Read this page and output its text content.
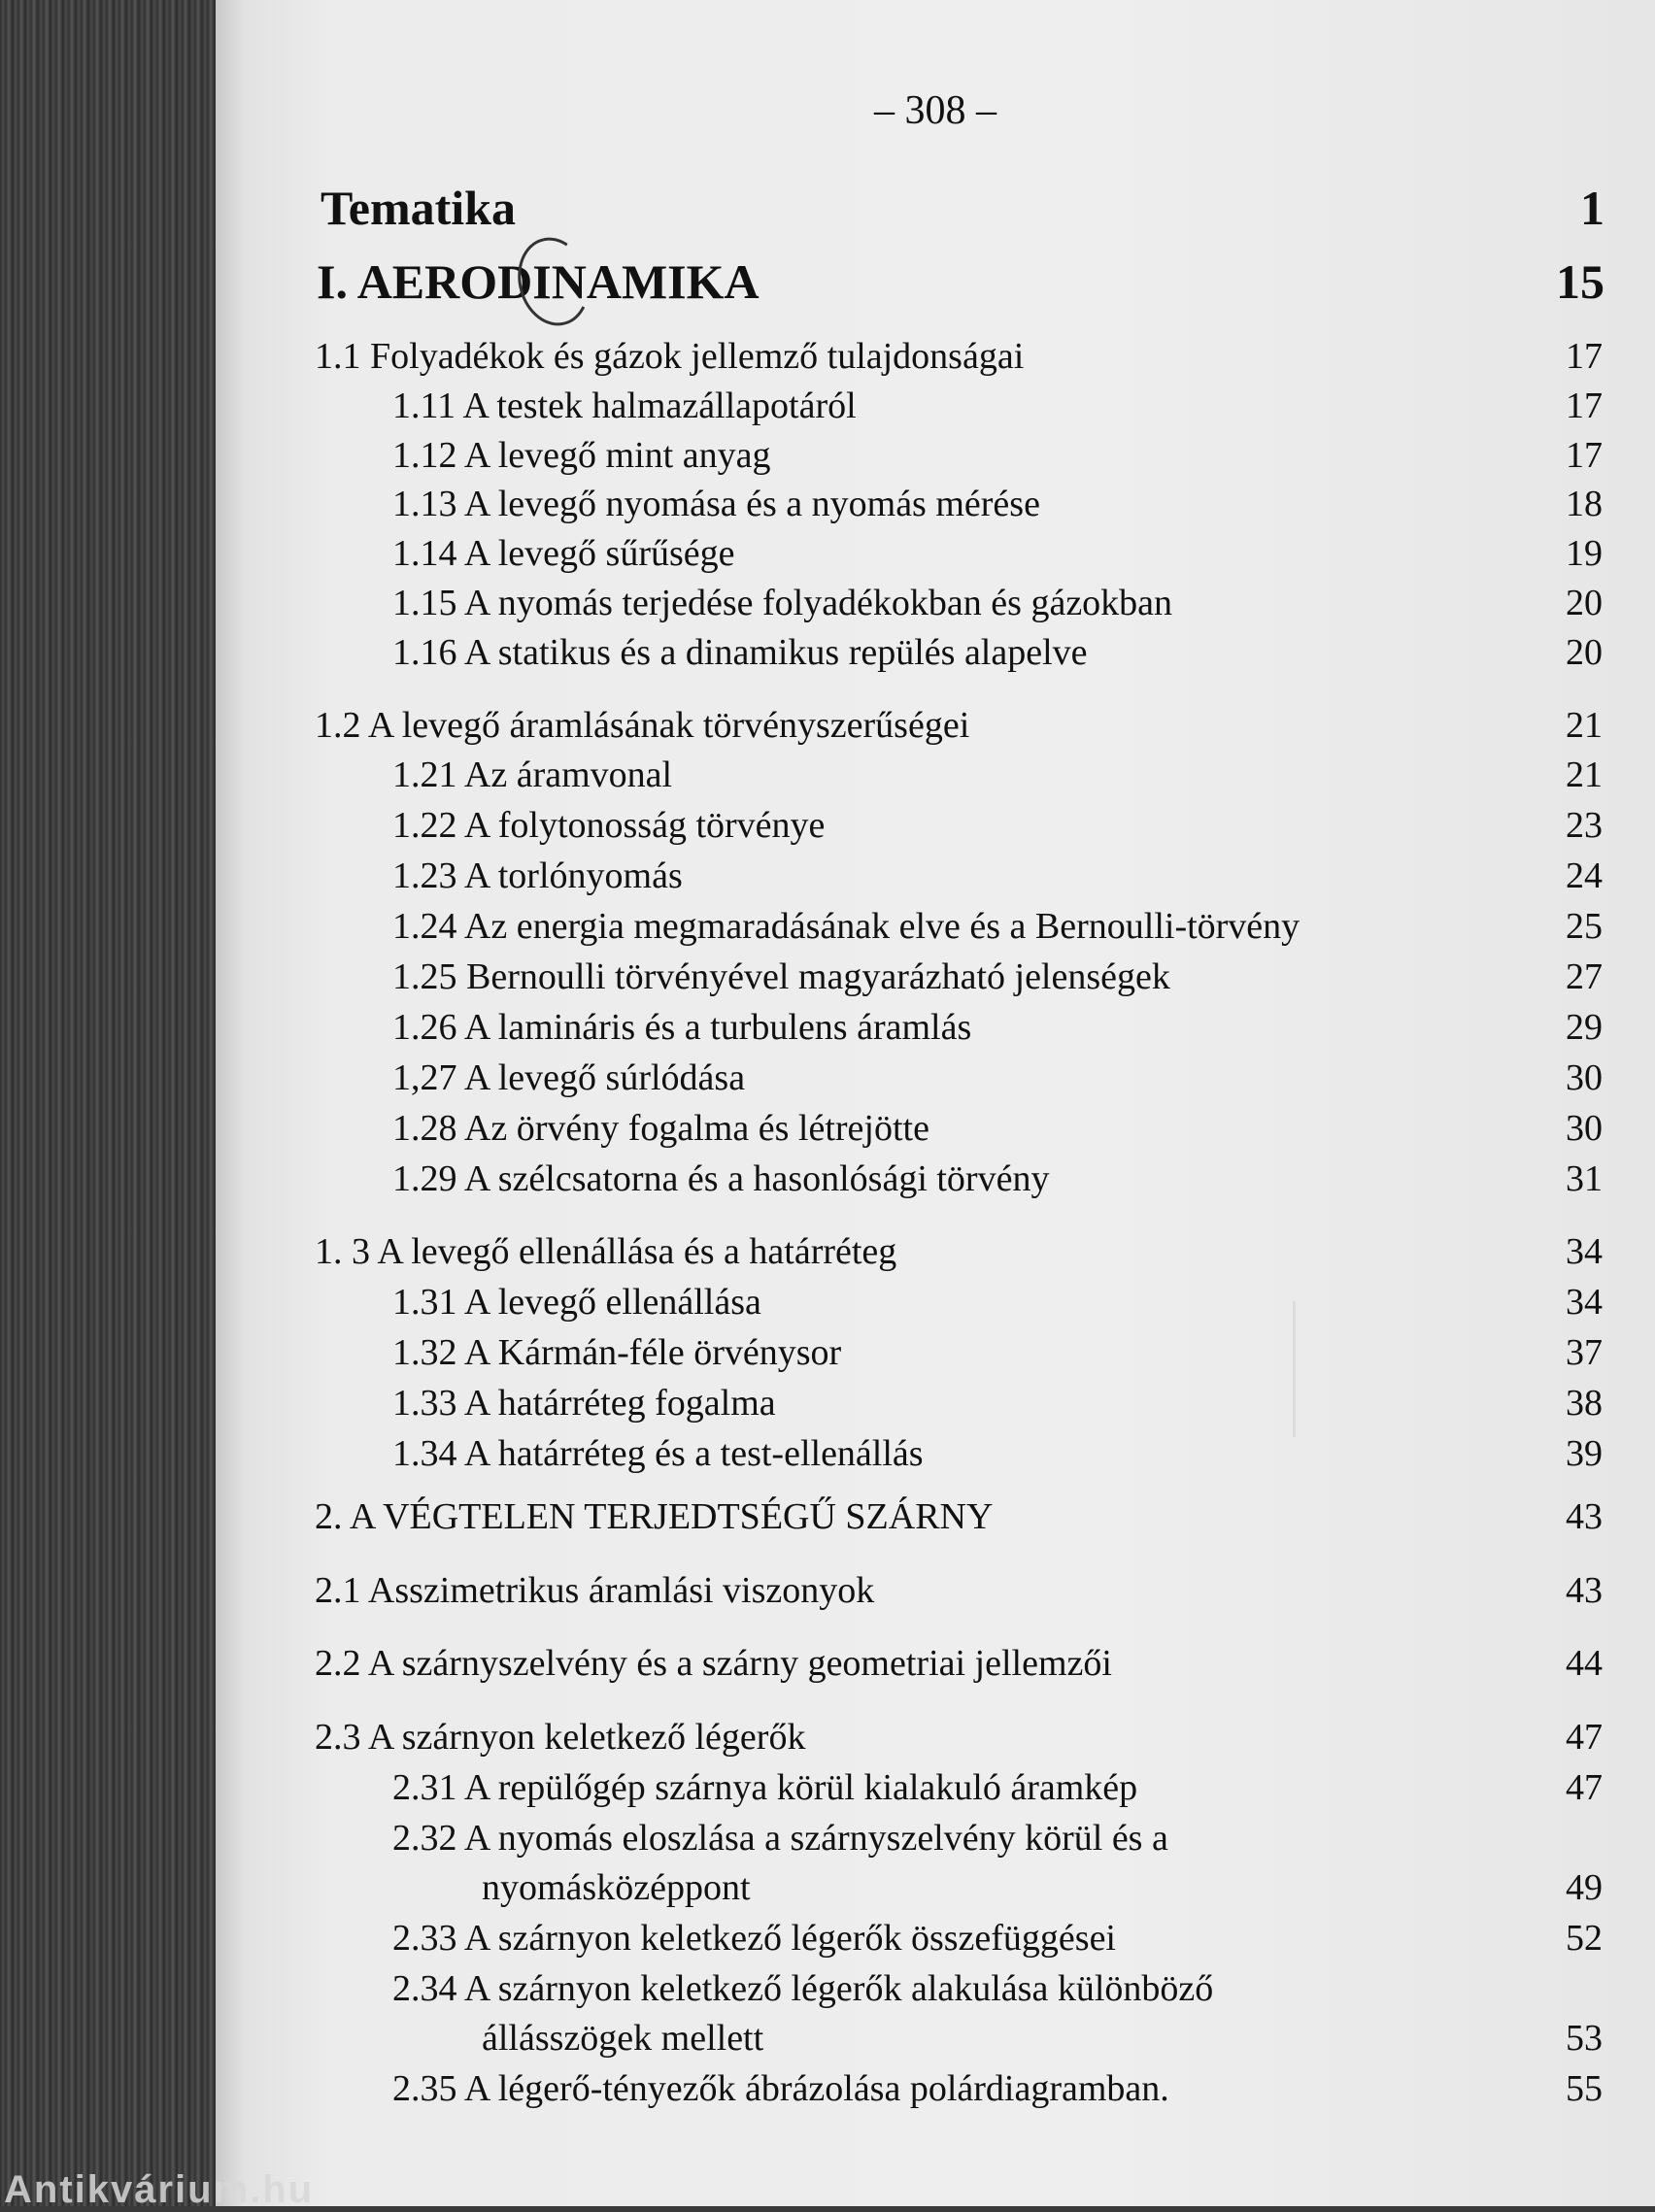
– 308 –
Tematika	1
I. AERODINAMIKA	15
1.1 Folyadékok és gázok jellemző tulajdonságai	17
1.11 A testek halmazállapotáról	17
1.12 A levegő mint anyag	17
1.13 A levegő nyomása és a nyomás mérése	18
1.14 A levegő sűrűsége	19
1.15 A nyomás terjedése folyadékokban és gázokban	20
1.16 A statikus és a dinamikus repülés alapelve	20
1.2 A levegő áramlásának törvényszerűségei	21
1.21 Az áramvonal	21
1.22 A folytonosság törvénye	23
1.23 A torlónyomás	24
1.24 Az energia megmaradásának elve és a Bernoulli-törvény	25
1.25 Bernoulli törvényével magyarázható jelenségek	27
1.26 A lamináris és a turbulens áramlás	29
1,27 A levegő súrlódása	30
1.28 Az örvény fogalma és létrejötte	30
1.29 A szélcsatorna és a hasonlósági törvény	31
1. 3 A levegő ellenállása és a határréteg	34
1.31 A levegő ellenállása	34
1.32 A Kármán-féle örvénysor	37
1.33 A határréteg fogalma	38
1.34 A határréteg és a test-ellenállás	39
2. A VÉGTELEN TERJEDTSÉGŰ SZÁRNY	43
2.1 Asszimetrikus áramlási viszonyok	43
2.2 A szárnyszelvény és a szárny geometriai jellemzői	44
2.3 A szárnyon keletkező légerők	47
2.31 A repülőgép szárnya körül kialakuló áramkép	47
2.32 A nyomás eloszlása a szárnyszelvény körül és a
nyomásközéppont	49
2.33 A szárnyon keletkező légerők összefüggései	52
2.34 A szárnyon keletkező légerők alakulása különböző
állásszögek mellett	53
2.35 A légerő-tényezők ábrázolása polárdiagramban.	55
Antikvárium.hu
